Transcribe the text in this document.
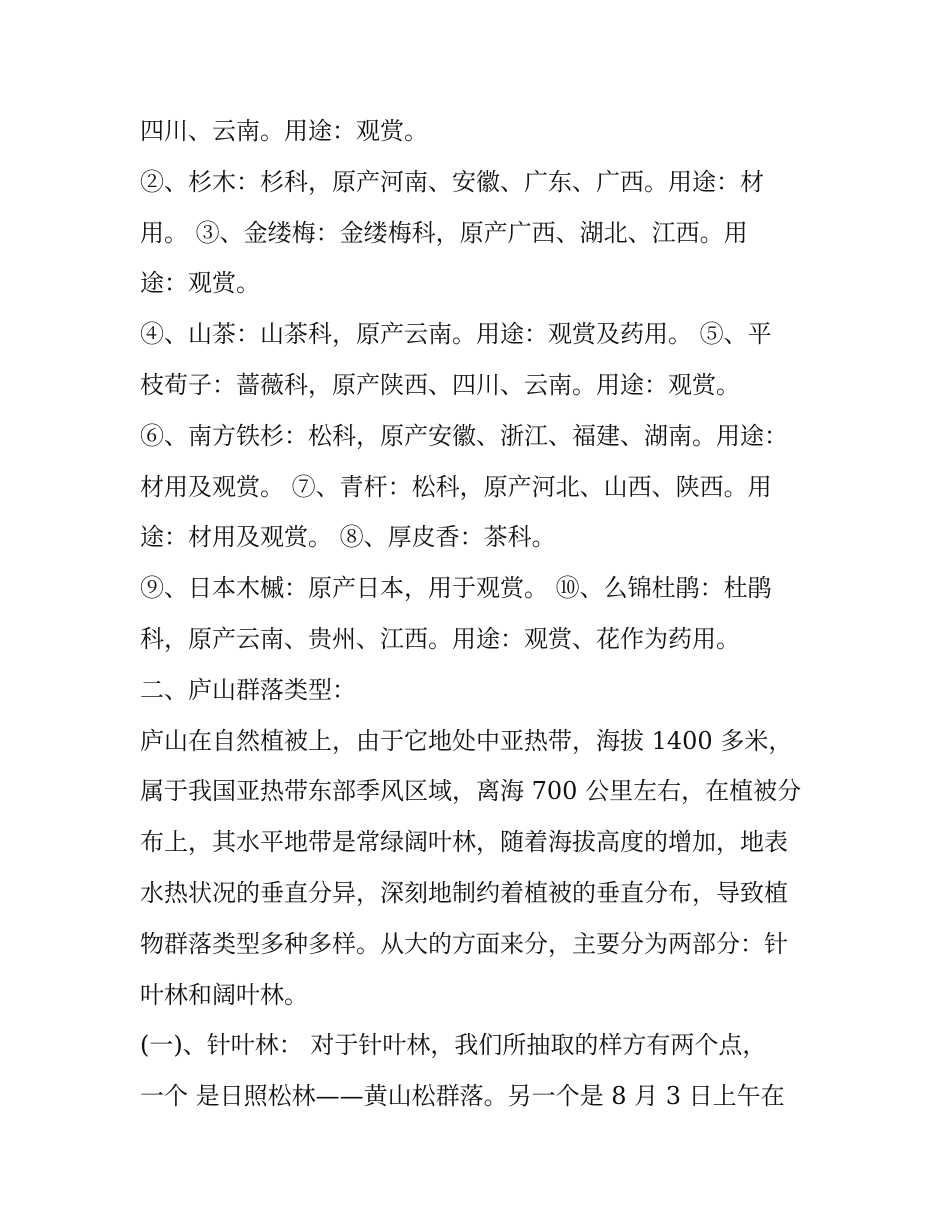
四川、云南。用途：观赏。
②、杉木：杉科，原产河南、安徽、广东、广西。用途：材
用。 ③、金缕梅：金缕梅科，原产广西、湖北、江西。用
途：观赏。
④、山茶：山茶科，原产云南。用途：观赏及药用。 ⑤、平
枝荀子：蔷薇科，原产陕西、四川、云南。用途：观赏。
⑥、南方铁杉：松科，原产安徽、浙江、福建、湖南。用途：
材用及观赏。 ⑦、青杆：松科，原产河北、山西、陕西。用
途：材用及观赏。 ⑧、厚皮香：茶科。
⑨、日本木槭：原产日本，用于观赏。 ⑩、么锦杜鹃：杜鹃
科，原产云南、贵州、江西。用途：观赏、花作为药用。
二、庐山群落类型：
庐山在自然植被上，由于它地处中亚热带，海拔 1400 多米，
属于我国亚热带东部季风区域，离海 700 公里左右，在植被分
布上，其水平地带是常绿阔叶林，随着海拔高度的增加，地表
水热状况的垂直分异，深刻地制约着植被的垂直分布，导致植
物群落类型多种多样。从大的方面来分，主要分为两部分：针
叶林和阔叶林。
(一)、针叶林： 对于针叶林，我们所抽取的样方有两个点，
一个 是日照松林——黄山松群落。另一个是 8 月 3 日上午在
